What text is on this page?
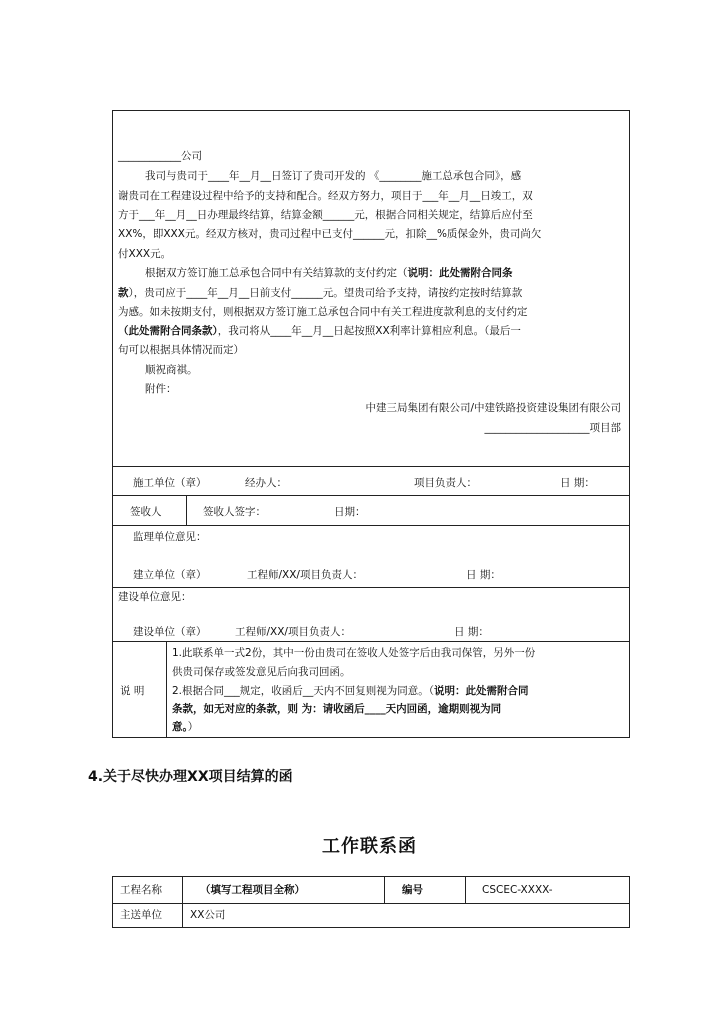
____________公司
我司与贵司于____年__月__日签订了贵司开发的 《________施工总承包合同》，感
谢贵司在工程建设过程中给予的支持和配合。经双方努力，项目于___年__月__日竣工，双
方于___年__月__日办理最终结算，结算金额______元，根据合同相关规定，结算后应付至
XX%，即XXX元。经双方核对，贵司过程中已支付______元，扣除__%质保金外，贵司尚欠
付XXX元。
根据双方签订施工总承包合同中有关结算款的支付约定（说明：此处需附合同条
款），贵司应于____年__月__日前支付______元。望贵司给予支持，请按约定按时结算款
为感。如未按期支付，则根据双方签订施工总承包合同中有关工程进度款利息的支付约定
（此处需附合同条款），我司将从____年__月__日起按照XX利率计算相应利息。（最后一
句可以根据具体情况而定）
顺祝商祺。
附件：
中建三局集团有限公司/中建铁路投资建设集团有限公司
____________________项目部
施工单位（章）	经办人：	项目负责人：	日 期：
签收人	签收人签字：	日期：
监理单位意见：
建立单位（章）	工程师/XX/项目负责人：	日 期：
建设单位意见：
建设单位（章）	工程师/XX/项目负责人：	日 期：
说 明
1.此联系单一式2份，其中一份由贵司在签收人处签字后由我司保管，另外一份
供贵司保存或签发意见后向我司回函。
2.根据合同___规定，收函后__天内不回复则视为同意。（说明：此处需附合同
条款，如无对应的条款，则 为：请收函后____天内回函，逾期则视为同
意。）
4.关于尽快办理XX项目结算的函
工作联系函
工程名称	（填写工程项目全称）	编号	CSCEC-XXXX-
主送单位	XX公司
